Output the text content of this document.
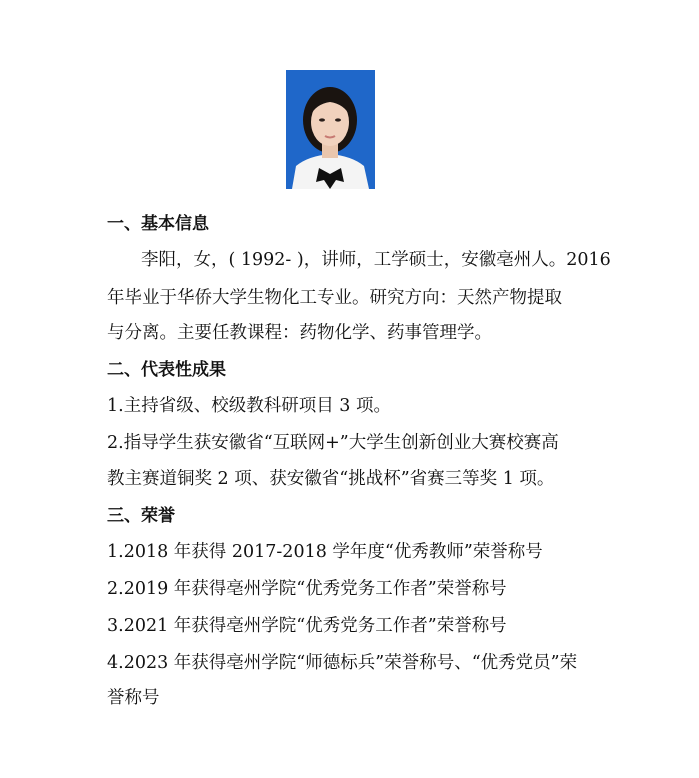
一、基本信息
李阳，女，( 1992- )，讲师，工学硕士，安徽亳州人。2016
年毕业于华侨大学生物化工专业。研究方向：天然产物提取
与分离。主要任教课程：药物化学、药事管理学。
二、代表性成果
1.主持省级、校级教科研项目 3 项。
2.指导学生获安徽省“互联网+”大学生创新创业大赛校赛高
教主赛道铜奖 2 项、获安徽省“挑战杯”省赛三等奖 1 项。
三、荣誉
1.2018 年获得 2017-2018 学年度“优秀教师”荣誉称号
2.2019 年获得亳州学院“优秀党务工作者”荣誉称号
3.2021 年获得亳州学院“优秀党务工作者”荣誉称号
4.2023 年获得亳州学院“师德标兵”荣誉称号、“优秀党员”荣
誉称号
